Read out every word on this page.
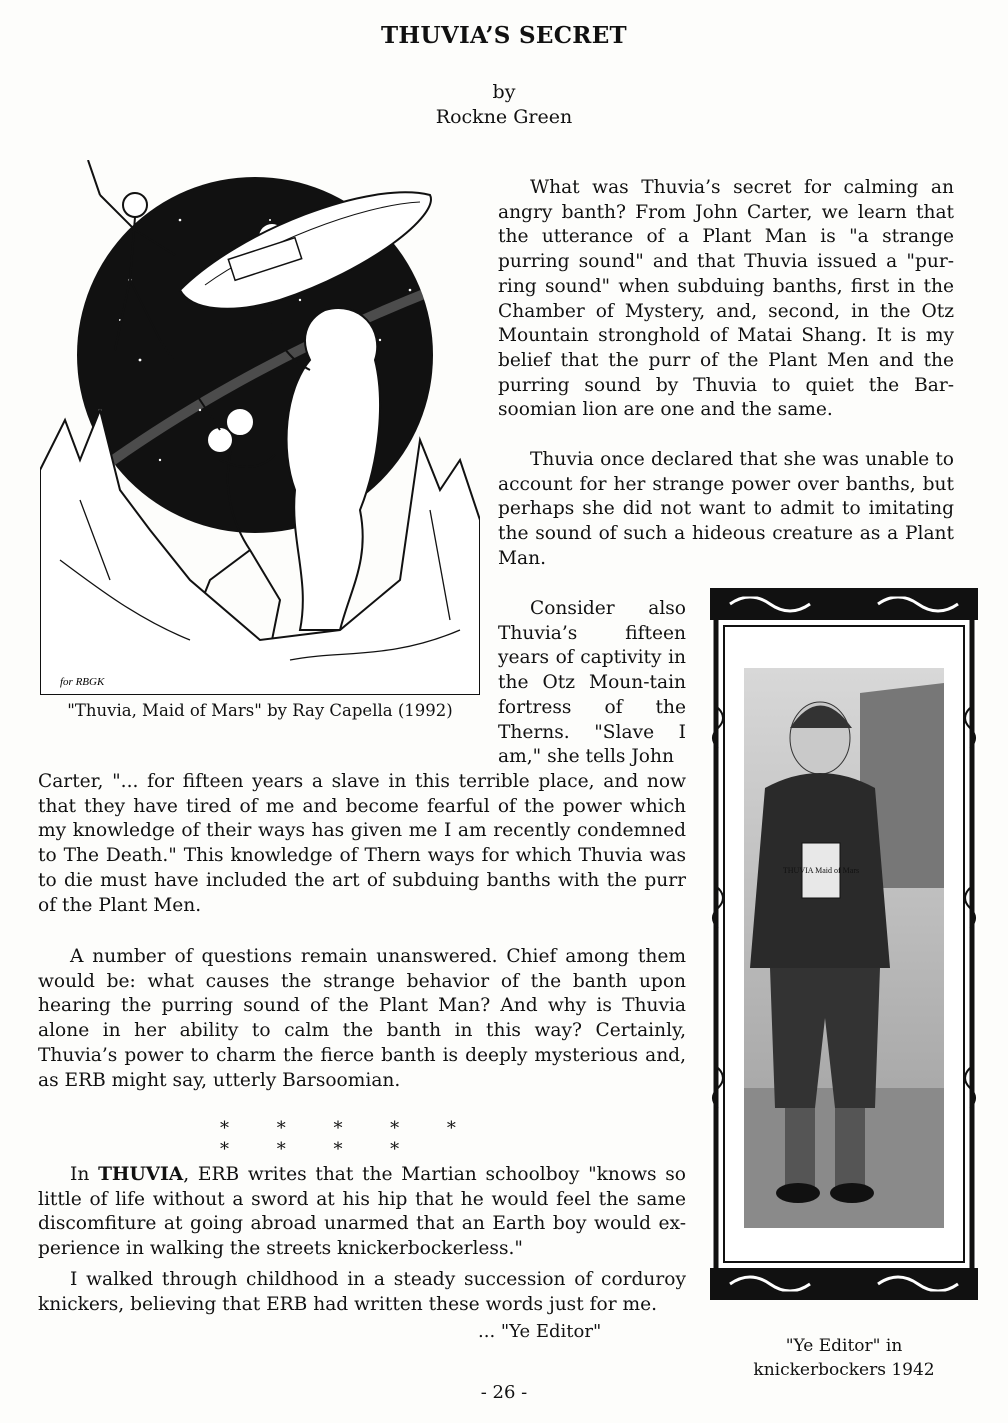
THUVIA’S SECRET
by
Rockne Green
for RBGK
"Thuvia, Maid of Mars" by Ray Capella (1992)

What was Thuvia’s secret for calming an angry banth? From John Carter, we learn that the utterance of a Plant Man is "a strange purring sound" and that Thuvia issued a "pur-ring sound" when subduing banths, first in the Chamber of Mystery, and, second, in the Otz Mountain stronghold of Matai Shang. It is my belief that the purr of the Plant Men and the purring sound by Thuvia to quiet the Bar-soomian lion are one and the same.

Thuvia once declared that she was unable to account for her strange power over banths, but perhaps she did not want to admit to imitating the sound of such a hideous creature as a Plant Man.

Consider also Thuvia’s fifteen years of captivity in the Otz Moun-tain fortress of the Therns. "Slave I am," she tells John

Carter, "... for fifteen years a slave in this terrible place, and now that they have tired of me and become fearful of the power which my knowledge of their ways has given me I am recently condemned to The Death." This knowledge of Thern ways for which Thuvia was to die must have included the art of subduing banths with the purr of the Plant Men.

A number of questions remain unanswered. Chief among them would be: what causes the strange behavior of the banth upon hearing the purring sound of the Plant Man? And why is Thuvia alone in her ability to calm the banth in this way? Certainly, Thuvia’s power to charm the fierce banth is deeply mysterious and, as ERB might say, utterly Barsoomian.

* * * * * * * * *

In THUVIA, ERB writes that the Martian schoolboy "knows so little of life without a sword at his hip that he would feel the same discomfiture at going abroad unarmed that an Earth boy would ex-perience in walking the streets knickerbockerless."

I walked through childhood in a steady succession of corduroy knickers, believing that ERB had written these words just for me.

... "Ye Editor"
THUVIA Maid of Mars
"Ye Editor" in
knickerbockers 1942
- 26 -
